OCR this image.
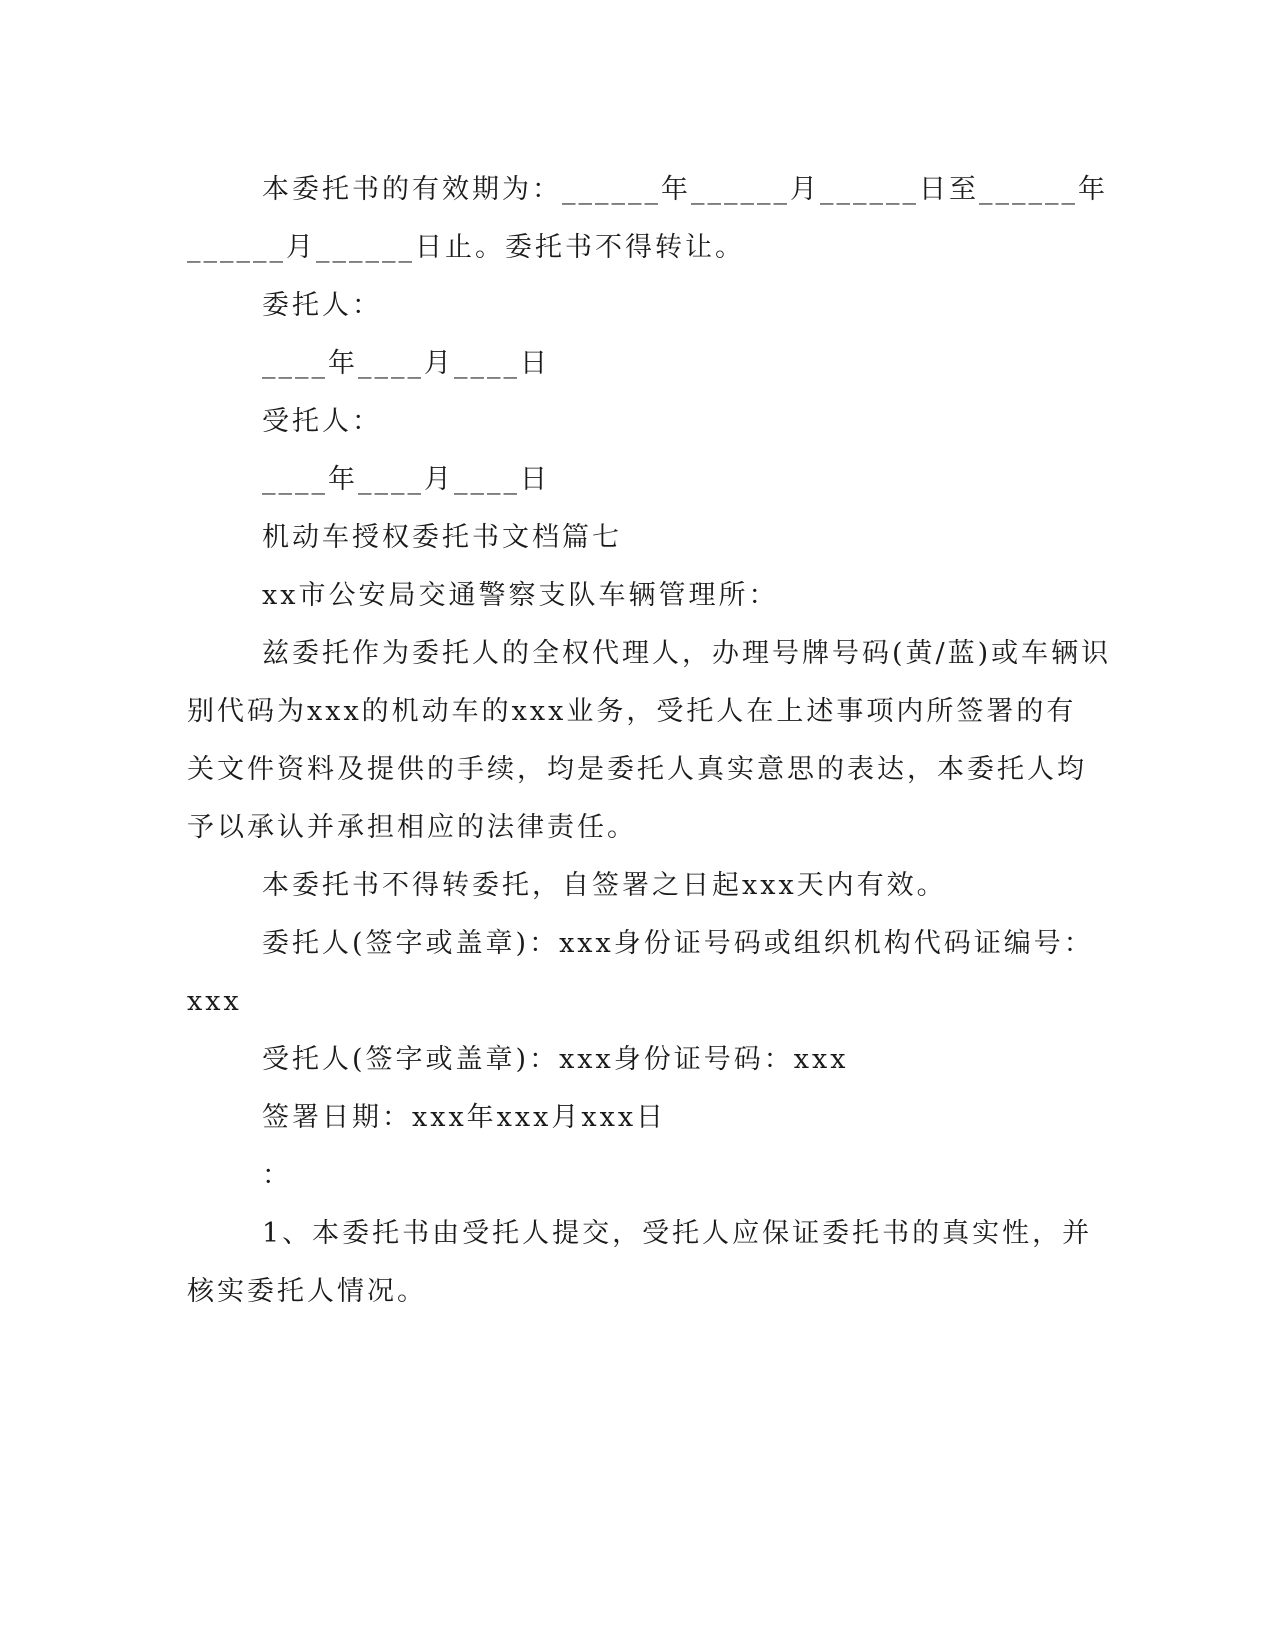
本委托书的有效期为：______年______月______日至______年
______月______日止。委托书不得转让。
委托人：
____年____月____日
受托人：
____年____月____日
机动车授权委托书文档篇七
xx市公安局交通警察支队车辆管理所：
兹委托作为委托人的全权代理人，办理号牌号码(黄/蓝)或车辆识
别代码为xxx的机动车的xxx业务，受托人在上述事项内所签署的有
关文件资料及提供的手续，均是委托人真实意思的表达，本委托人均
予以承认并承担相应的法律责任。
本委托书不得转委托，自签署之日起xxx天内有效。
委托人(签字或盖章)：xxx身份证号码或组织机构代码证编号：
xxx
受托人(签字或盖章)：xxx身份证号码：xxx
签署日期：xxx年xxx月xxx日
：
1、本委托书由受托人提交，受托人应保证委托书的真实性，并
核实委托人情况。
